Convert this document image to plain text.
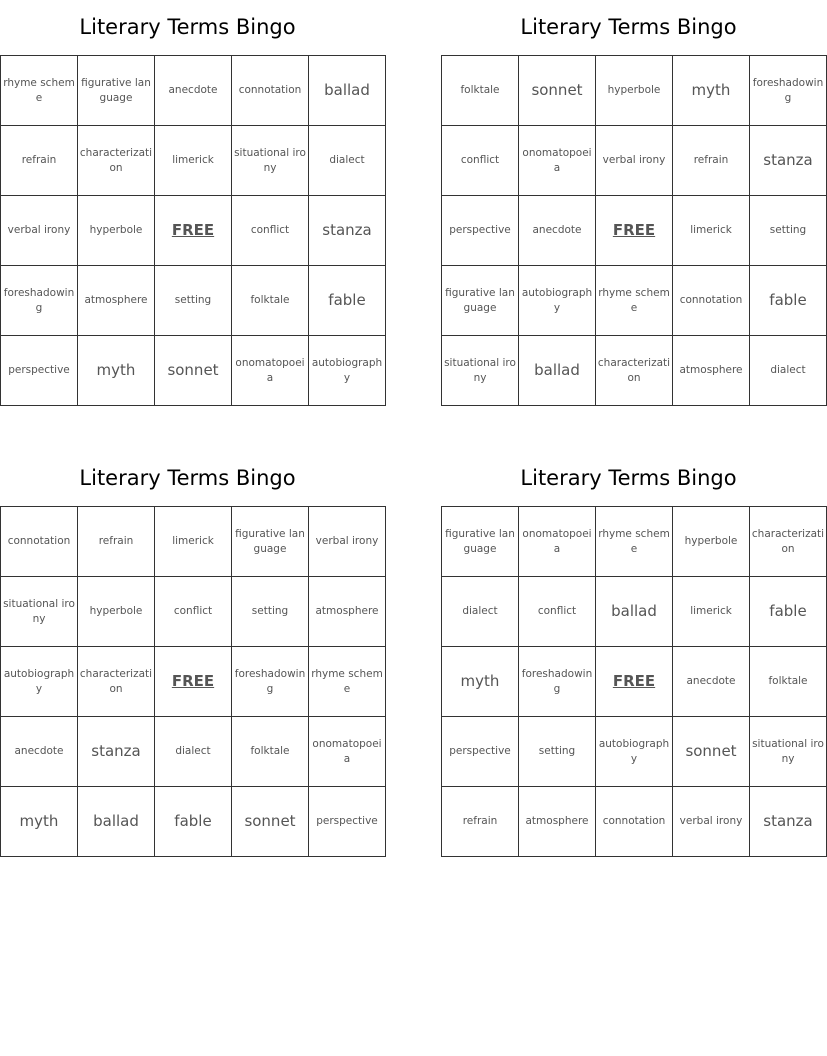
Literary Terms Bingo
rhyme scheme	figurative language	anecdote	connotation	ballad
refrain	characterization	limerick	situational irony	dialect
verbal irony	hyperbole	FREE	conflict	stanza
foreshadowing	atmosphere	setting	folktale	fable
perspective	myth	sonnet	onomatopoeia	autobiography
Literary Terms Bingo
folktale	sonnet	hyperbole	myth	foreshadowing
conflict	onomatopoeia	verbal irony	refrain	stanza
perspective	anecdote	FREE	limerick	setting
figurative language	autobiography	rhyme scheme	connotation	fable
situational irony	ballad	characterization	atmosphere	dialect
Literary Terms Bingo
connotation	refrain	limerick	figurative language	verbal irony
situational irony	hyperbole	conflict	setting	atmosphere
autobiography	characterization	FREE	foreshadowing	rhyme scheme
anecdote	stanza	dialect	folktale	onomatopoeia
myth	ballad	fable	sonnet	perspective
Literary Terms Bingo
figurative language	onomatopoeia	rhyme scheme	hyperbole	characterization
dialect	conflict	ballad	limerick	fable
myth	foreshadowing	FREE	anecdote	folktale
perspective	setting	autobiography	sonnet	situational irony
refrain	atmosphere	connotation	verbal irony	stanza
